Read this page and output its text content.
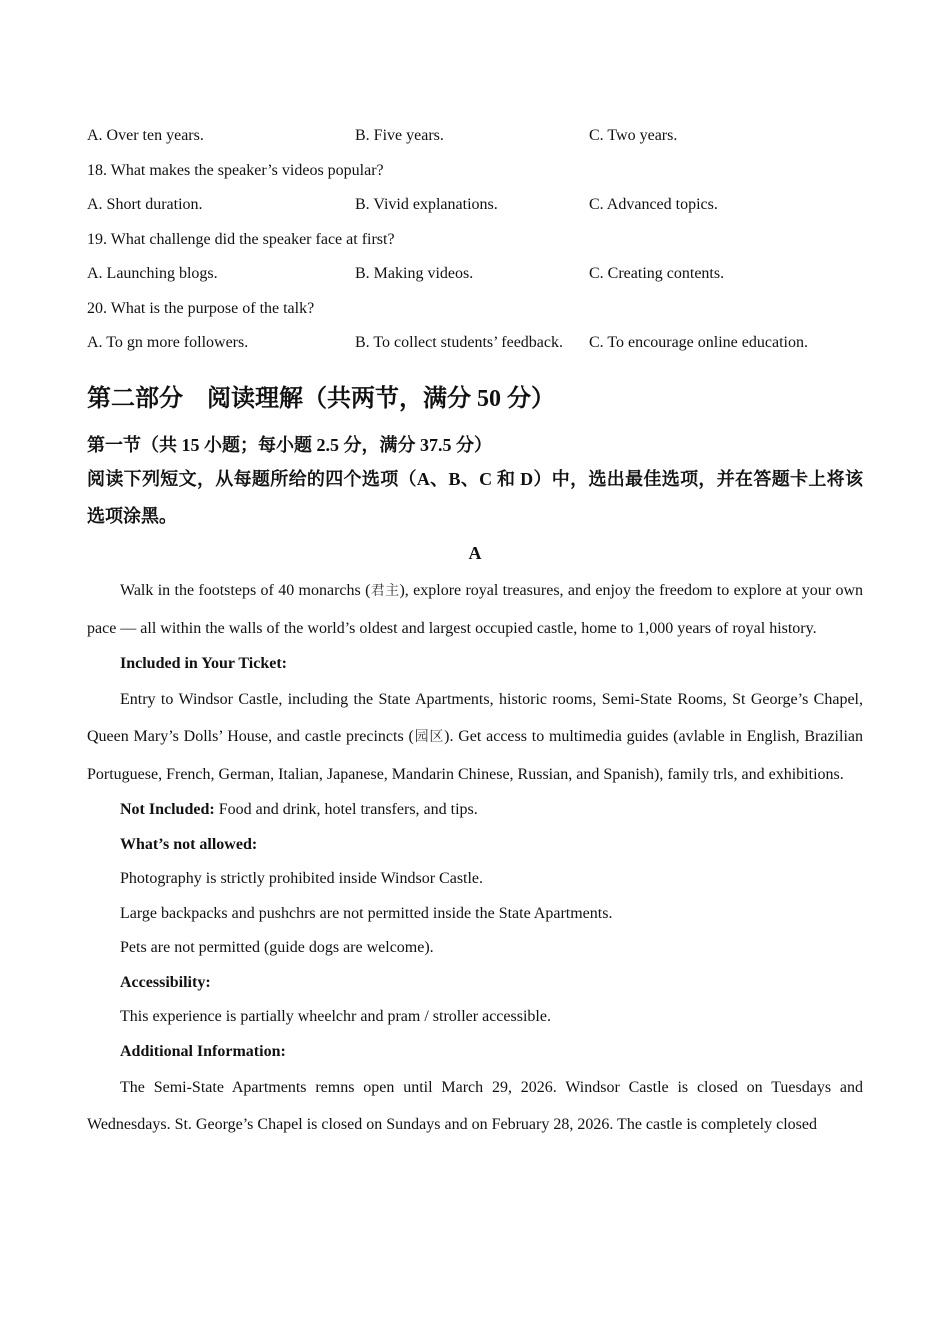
A. Over ten years.	B. Five years.	C. Two years.
18. What makes the speaker’s videos popular?
A. Short duration.	B. Vivid explanations.	C. Advanced topics.
19. What challenge did the speaker face at first?
A. Launching blogs.	B. Making videos.	C. Creating contents.
20. What is the purpose of the talk?
A. To gn more followers.	B. To collect students’ feedback.	C. To encourage online education.
第二部分　阅读理解（共两节，满分 50 分）
第一节（共 15 小题；每小题 2.5 分，满分 37.5 分）
阅读下列短文，从每题所给的四个选项（A、B、C 和 D）中，选出最佳选项，并在答题卡上将该选项涂黑。
A

Walk in the footsteps of 40 monarchs (君主), explore royal treasures, and enjoy the freedom to explore at your own pace — all within the walls of the world’s oldest and largest occupied castle, home to 1,000 years of royal history.

Included in Your Ticket:

Entry to Windsor Castle, including the State Apartments, historic rooms, Semi-State Rooms, St George’s Chapel, Queen Mary’s Dolls’ House, and castle precincts (园区). Get access to multimedia guides (avlable in English, Brazilian Portuguese, French, German, Italian, Japanese, Mandarin Chinese, Russian, and Spanish), family trls, and exhibitions.

Not Included: Food and drink, hotel transfers, and tips.
What’s not allowed:
Photography is strictly prohibited inside Windsor Castle.
Large backpacks and pushchrs are not permitted inside the State Apartments.
Pets are not permitted (guide dogs are welcome).
Accessibility:
This experience is partially wheelchr and pram / stroller accessible.
Additional Information:

The Semi-State Apartments remns open until March 29, 2026. Windsor Castle is closed on Tuesdays and Wednesdays. St. George’s Chapel is closed on Sundays and on February 28, 2026. The castle is completely closed
